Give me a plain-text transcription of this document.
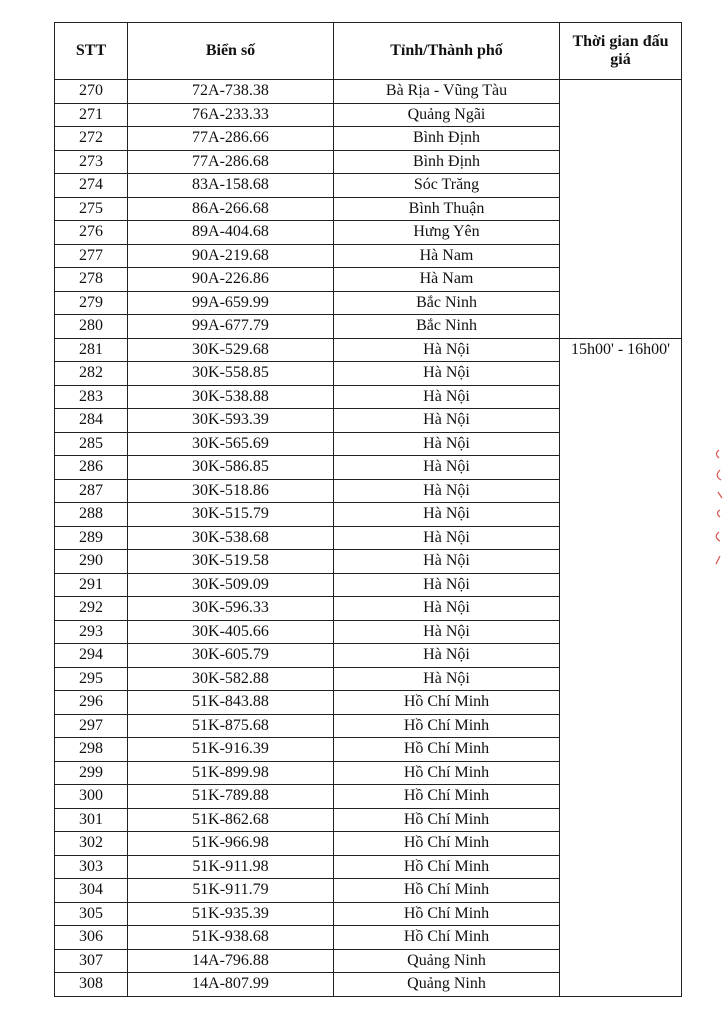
STT	Biển số	Tỉnh/Thành phố	Thời gian đấu giá
270	72A-738.38	Bà Rịa - Vũng Tàu	
271	76A-233.33	Quảng Ngãi	
272	77A-286.66	Bình Định	
273	77A-286.68	Bình Định	
274	83A-158.68	Sóc Trăng	
275	86A-266.68	Bình Thuận	
276	89A-404.68	Hưng Yên	
277	90A-219.68	Hà Nam	
278	90A-226.86	Hà Nam	
279	99A-659.99	Bắc Ninh	
280	99A-677.79	Bắc Ninh	
281	30K-529.68	Hà Nội	15h00' - 16h00'
282	30K-558.85	Hà Nội	
283	30K-538.88	Hà Nội	
284	30K-593.39	Hà Nội	
285	30K-565.69	Hà Nội	
286	30K-586.85	Hà Nội	
287	30K-518.86	Hà Nội	
288	30K-515.79	Hà Nội	
289	30K-538.68	Hà Nội	
290	30K-519.58	Hà Nội	
291	30K-509.09	Hà Nội	
292	30K-596.33	Hà Nội	
293	30K-405.66	Hà Nội	
294	30K-605.79	Hà Nội	
295	30K-582.88	Hà Nội	
296	51K-843.88	Hồ Chí Minh	
297	51K-875.68	Hồ Chí Minh	
298	51K-916.39	Hồ Chí Minh	
299	51K-899.98	Hồ Chí Minh	
300	51K-789.88	Hồ Chí Minh	
301	51K-862.68	Hồ Chí Minh	
302	51K-966.98	Hồ Chí Minh	
303	51K-911.98	Hồ Chí Minh	
304	51K-911.79	Hồ Chí Minh	
305	51K-935.39	Hồ Chí Minh	
306	51K-938.68	Hồ Chí Minh	
307	14A-796.88	Quảng Ninh	
308	14A-807.99	Quảng Ninh	
